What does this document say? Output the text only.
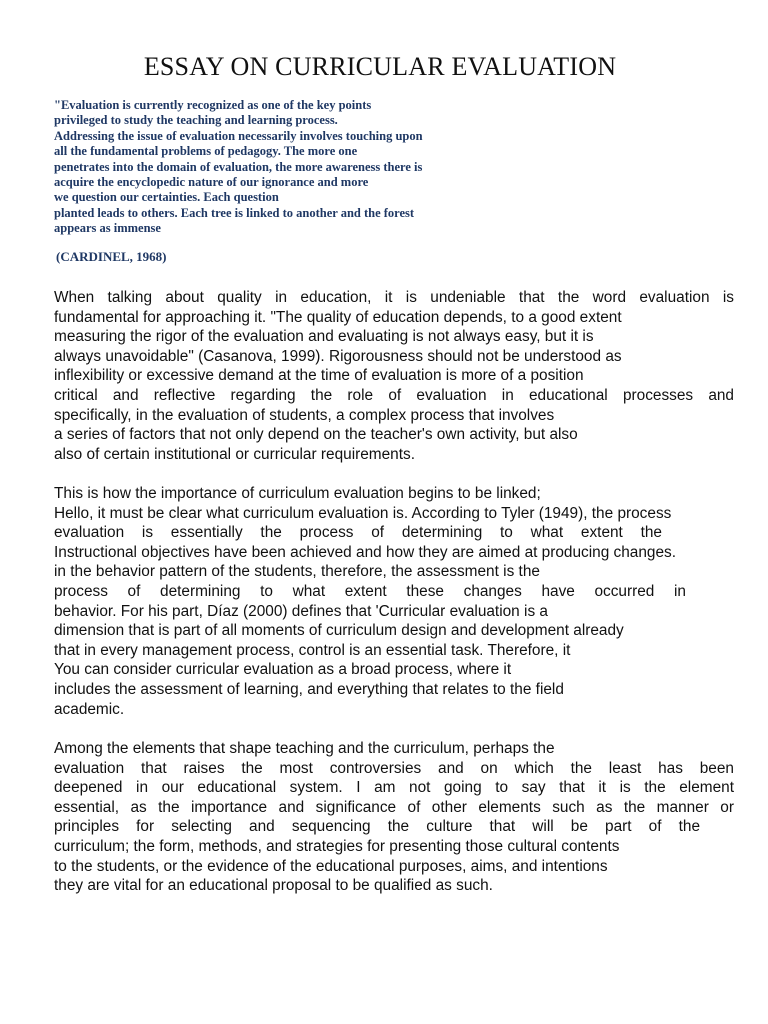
ESSAY ON CURRICULAR EVALUATION
"Evaluation is currently recognized as one of the key points
privileged to study the teaching and learning process.
Addressing the issue of evaluation necessarily involves touching upon
all the fundamental problems of pedagogy. The more one
penetrates into the domain of evaluation, the more awareness there is
acquire the encyclopedic nature of our ignorance and more
we question our certainties. Each question
planted leads to others. Each tree is linked to another and the forest
appears as immense
(CARDINEL, 1968)
When talking about quality in education, it is undeniable that the word evaluation is
fundamental for approaching it. "The quality of education depends, to a good extent
measuring the rigor of the evaluation and evaluating is not always easy, but it is
always unavoidable" (Casanova, 1999). Rigorousness should not be understood as
inflexibility or excessive demand at the time of evaluation is more of a position
critical and reflective regarding the role of evaluation in educational processes and
specifically, in the evaluation of students, a complex process that involves
a series of factors that not only depend on the teacher's own activity, but also
also of certain institutional or curricular requirements.
This is how the importance of curriculum evaluation begins to be linked;
Hello, it must be clear what curriculum evaluation is. According to Tyler (1949), the process
evaluation is essentially the process of determining to what extent the
Instructional objectives have been achieved and how they are aimed at producing changes.
in the behavior pattern of the students, therefore, the assessment is the
process of determining to what extent these changes have occurred in
behavior. For his part, Díaz (2000) defines that 'Curricular evaluation is a
dimension that is part of all moments of curriculum design and development already
that in every management process, control is an essential task. Therefore, it
You can consider curricular evaluation as a broad process, where it
includes the assessment of learning, and everything that relates to the field
academic.
Among the elements that shape teaching and the curriculum, perhaps the
evaluation that raises the most controversies and on which the least has been
deepened in our educational system. I am not going to say that it is the element
essential, as the importance and significance of other elements such as the manner or
principles for selecting and sequencing the culture that will be part of the
curriculum; the form, methods, and strategies for presenting those cultural contents
to the students, or the evidence of the educational purposes, aims, and intentions
they are vital for an educational proposal to be qualified as such.
